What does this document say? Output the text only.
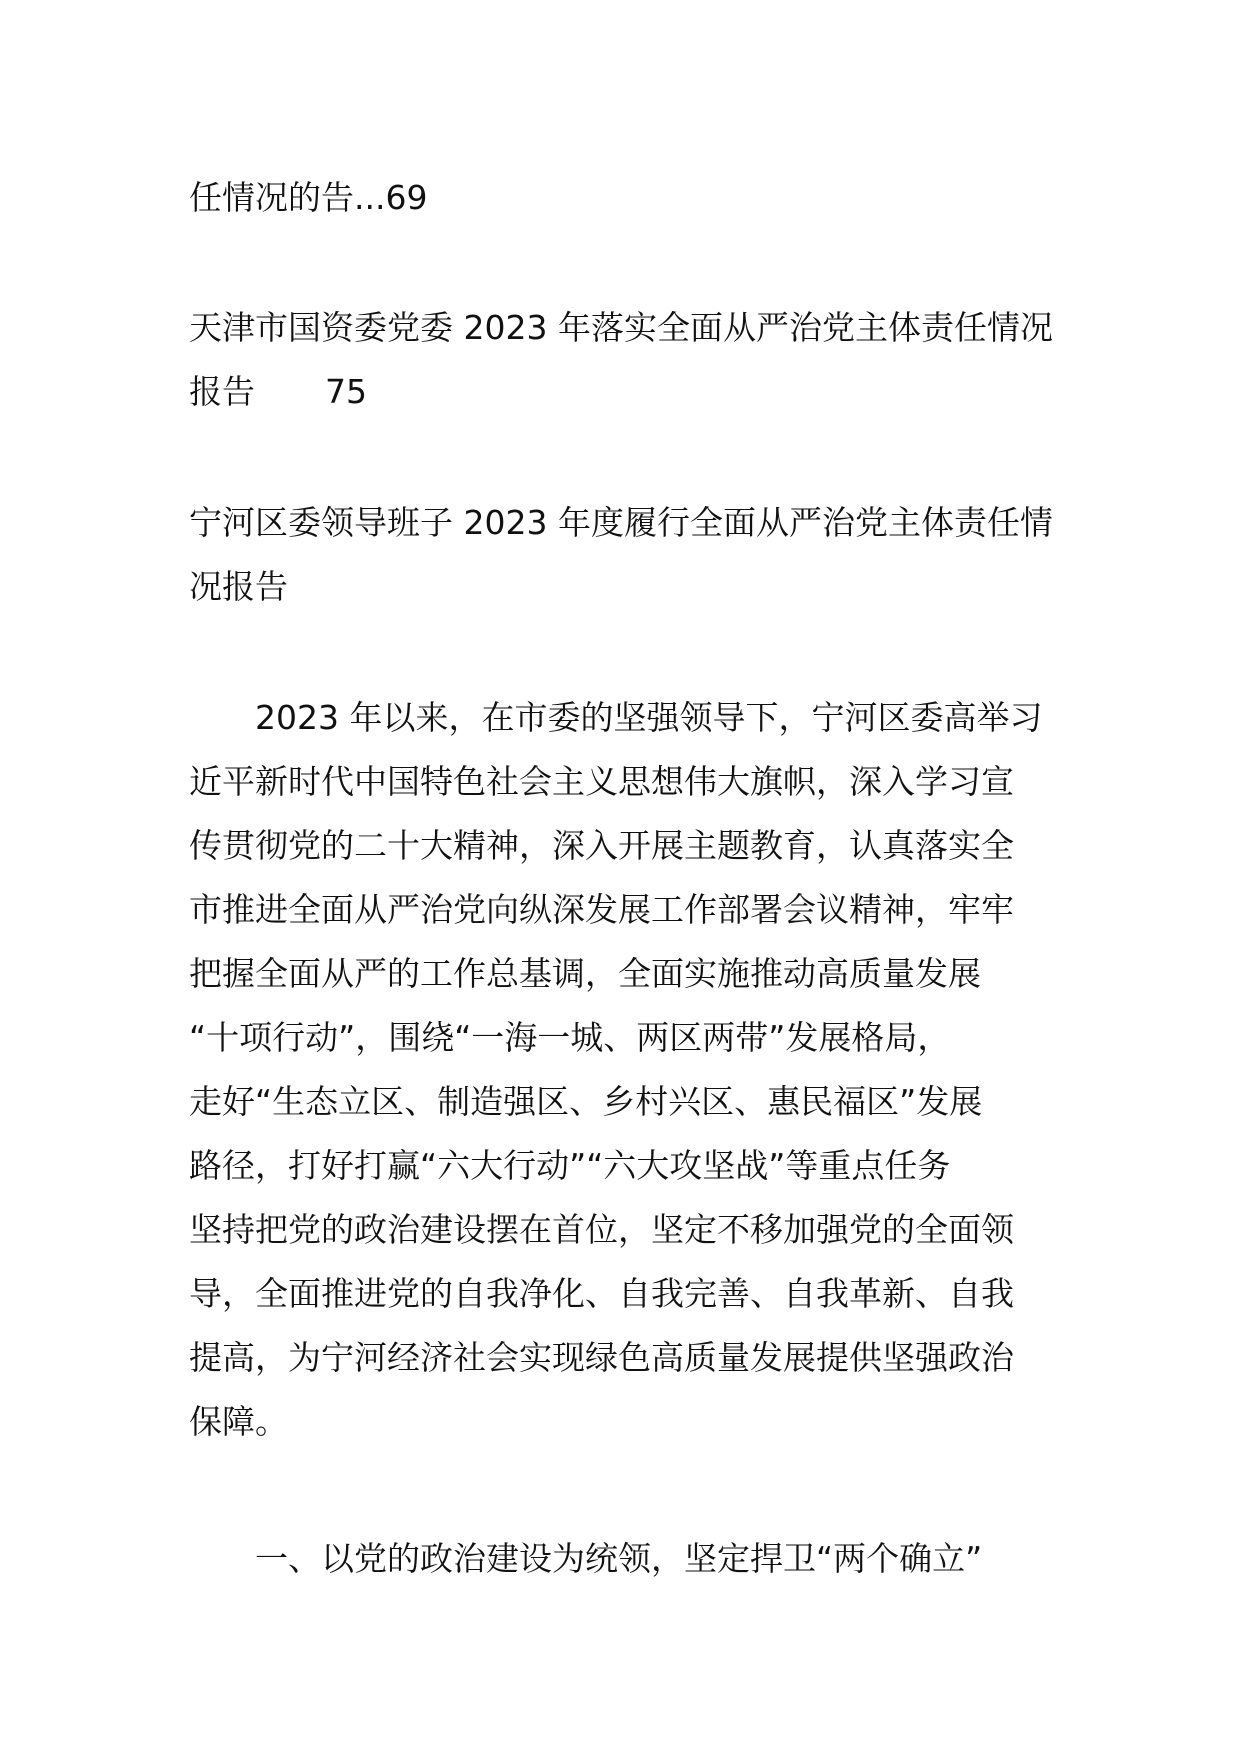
任情况的告...69
天津市国资委党委 2023 年落实全面从严治党主体责任情况
报告 75
宁河区委领导班子 2023 年度履行全面从严治党主体责任情
况报告
　　2023 年以来，在市委的坚强领导下，宁河区委高举习
近平新时代中国特色社会主义思想伟大旗帜，深入学习宣
传贯彻党的二十大精神，深入开展主题教育，认真落实全
市推进全面从严治党向纵深发展工作部署会议精神，牢牢
把握全面从严的工作总基调，全面实施推动高质量发展
“十项行动”，围绕“一海一城、两区两带”发展格局，
走好“生态立区、制造强区、乡村兴区、惠民福区”发展
路径，打好打赢“六大行动”“六大攻坚战”等重点任务
坚持把党的政治建设摆在首位，坚定不移加强党的全面领
导，全面推进党的自我净化、自我完善、自我革新、自我
提高，为宁河经济社会实现绿色高质量发展提供坚强政治
保障。
　　一、以党的政治建设为统领，坚定捍卫“两个确立”
